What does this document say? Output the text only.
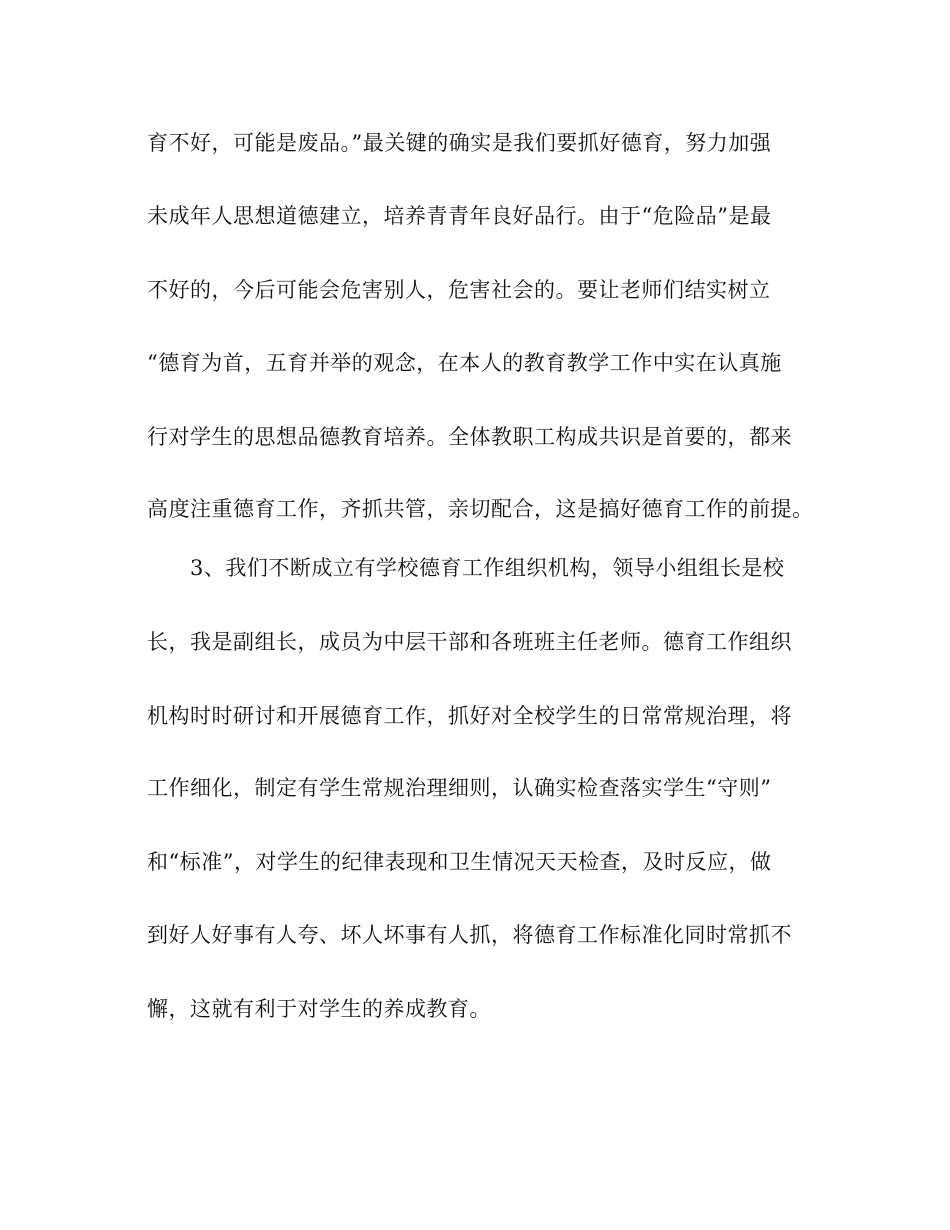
育不好，可能是废品。”最关键的确实是我们要抓好德育，努力加强
未成年人思想道德建立，培养青青年良好品行。由于“危险品”是最
不好的，今后可能会危害别人，危害社会的。要让老师们结实树立
“德育为首，五育并举的观念，在本人的教育教学工作中实在认真施
行对学生的思想品德教育培养。全体教职工构成共识是首要的，都来
高度注重德育工作，齐抓共管，亲切配合，这是搞好德育工作的前提。
3、我们不断成立有学校德育工作组织机构，领导小组组长是校
长，我是副组长，成员为中层干部和各班班主任老师。德育工作组织
机构时时研讨和开展德育工作，抓好对全校学生的日常常规治理，将
工作细化，制定有学生常规治理细则，认确实检查落实学生“守则”
和“标准”，对学生的纪律表现和卫生情况天天检查，及时反应，做
到好人好事有人夸、坏人坏事有人抓，将德育工作标准化同时常抓不
懈，这就有利于对学生的养成教育。
